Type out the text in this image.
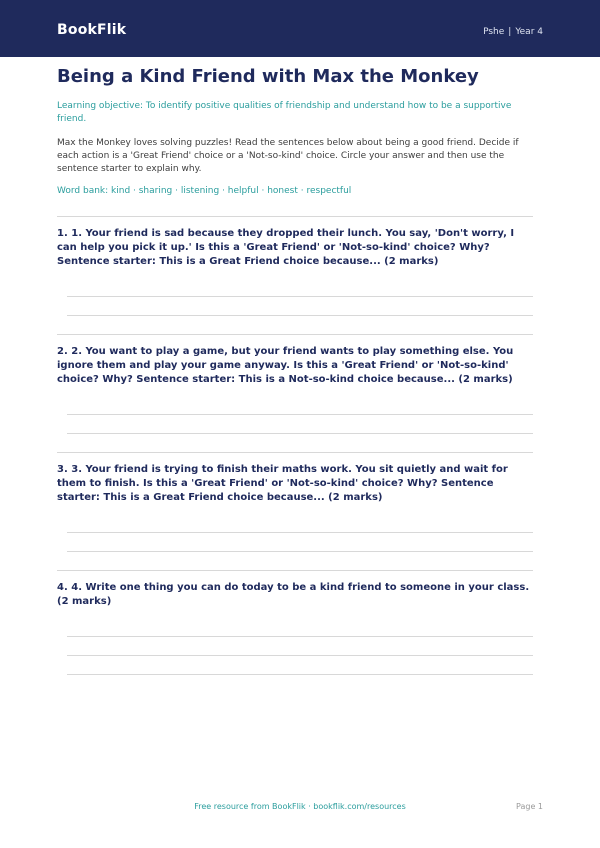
BookFlik	Pshe | Year 4
Being a Kind Friend with Max the Monkey
Learning objective: To identify positive qualities of friendship and understand how to be a supportive friend.
Max the Monkey loves solving puzzles! Read the sentences below about being a good friend. Decide if each action is a 'Great Friend' choice or a 'Not-so-kind' choice. Circle your answer and then use the sentence starter to explain why.
Word bank: kind · sharing · listening · helpful · honest · respectful

1. 1. Your friend is sad because they dropped their lunch. You say, 'Don't worry, I can help you pick it up.' Is this a 'Great Friend' or 'Not-so-kind' choice? Why? Sentence starter: This is a Great Friend choice because... (2 marks)

2. 2. You want to play a game, but your friend wants to play something else. You ignore them and play your game anyway. Is this a 'Great Friend' or 'Not-so-kind' choice? Why? Sentence starter: This is a Not-so-kind choice because... (2 marks)

3. 3. Your friend is trying to finish their maths work. You sit quietly and wait for them to finish. Is this a 'Great Friend' or 'Not-so-kind' choice? Why? Sentence starter: This is a Great Friend choice because... (2 marks)

4. 4. Write one thing you can do today to be a kind friend to someone in your class. (2 marks)

Free resource from BookFlik · bookflik.com/resources	Page 1
